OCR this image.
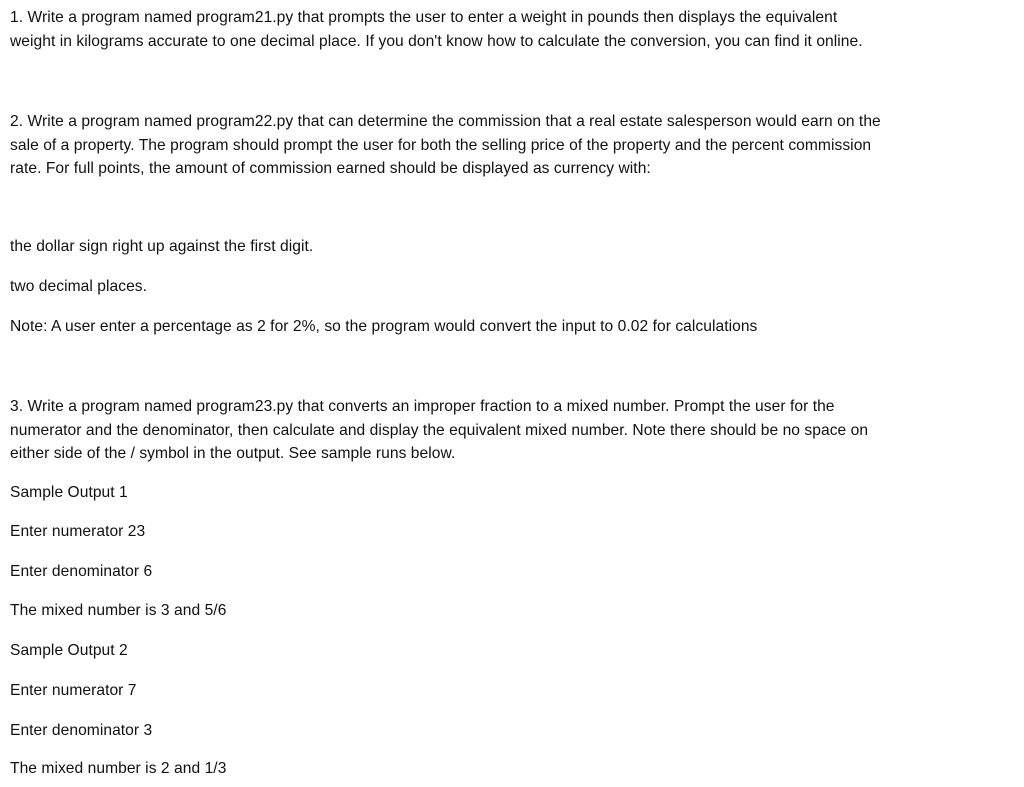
1. Write a program named program21.py that prompts the user to enter a weight in pounds then displays the equivalent

weight in kilograms accurate to one decimal place. If you don't know how to calculate the conversion, you can find it online.

2. Write a program named program22.py that can determine the commission that a real estate salesperson would earn on the

sale of a property. The program should prompt the user for both the selling price of the property and the percent commission

rate. For full points, the amount of commission earned should be displayed as currency with:

the dollar sign right up against the first digit.

two decimal places.

Note: A user enter a percentage as 2 for 2%, so the program would convert the input to 0.02 for calculations

3. Write a program named program23.py that converts an improper fraction to a mixed number. Prompt the user for the

numerator and the denominator, then calculate and display the equivalent mixed number. Note there should be no space on

either side of the / symbol in the output. See sample runs below.

Sample Output 1

Enter numerator 23

Enter denominator 6

The mixed number is 3 and 5/6

Sample Output 2

Enter numerator 7

Enter denominator 3

The mixed number is 2 and 1/3
